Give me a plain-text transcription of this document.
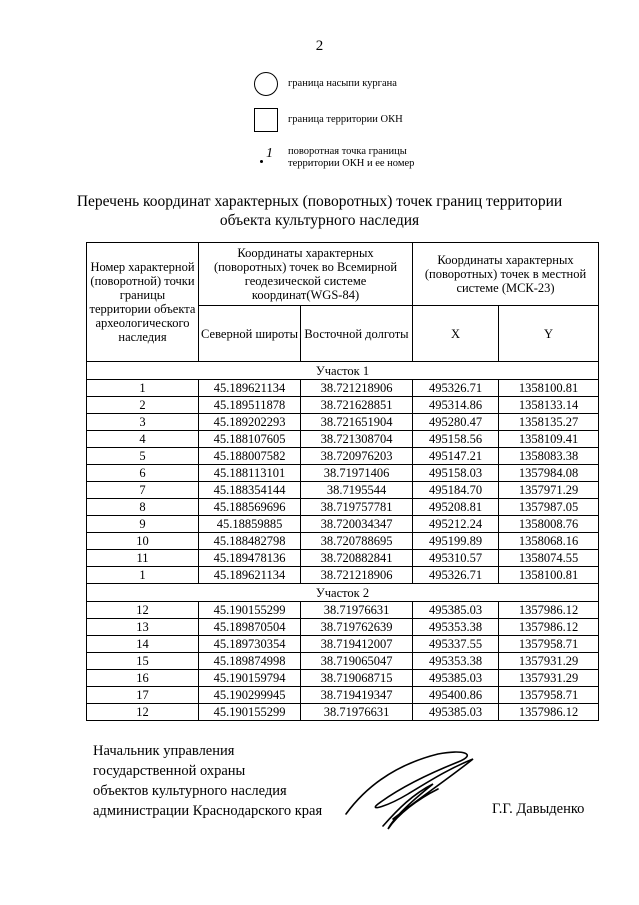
2
граница насыпи кургана
граница территории ОКН
1 поворотная точка границы
территории ОКН и ее номер
Перечень координат характерных (поворотных) точек границ территории
объекта культурного наследия
Номер характерной (поворотной) точки границы территории объекта археологического наследия	Координаты характерных (поворотных) точек во Всемирной геодезической системе координат(WGS-84)		Координаты характерных (поворотных) точек в местной системе (МСК-23)	
	Северной широты	Восточной долготы	X	Y
Участок 1				
1	45.189621134	38.721218906	495326.71	1358100.81
2	45.189511878	38.721628851	495314.86	1358133.14
3	45.189202293	38.721651904	495280.47	1358135.27
4	45.188107605	38.721308704	495158.56	1358109.41
5	45.188007582	38.720976203	495147.21	1358083.38
6	45.188113101	38.71971406	495158.03	1357984.08
7	45.188354144	38.7195544	495184.70	1357971.29
8	45.188569696	38.719757781	495208.81	1357987.05
9	45.18859885	38.720034347	495212.24	1358008.76
10	45.188482798	38.720788695	495199.89	1358068.16
11	45.189478136	38.720882841	495310.57	1358074.55
1	45.189621134	38.721218906	495326.71	1358100.81
Участок 2				
12	45.190155299	38.71976631	495385.03	1357986.12
13	45.189870504	38.719762639	495353.38	1357986.12
14	45.189730354	38.719412007	495337.55	1357958.71
15	45.189874998	38.719065047	495353.38	1357931.29
16	45.190159794	38.719068715	495385.03	1357931.29
17	45.190299945	38.719419347	495400.86	1357958.71
12	45.190155299	38.71976631	495385.03	1357986.12
Начальник управления
государственной охраны
объектов культурного наследия
администрации Краснодарского края	Г.Г. Давыденко
